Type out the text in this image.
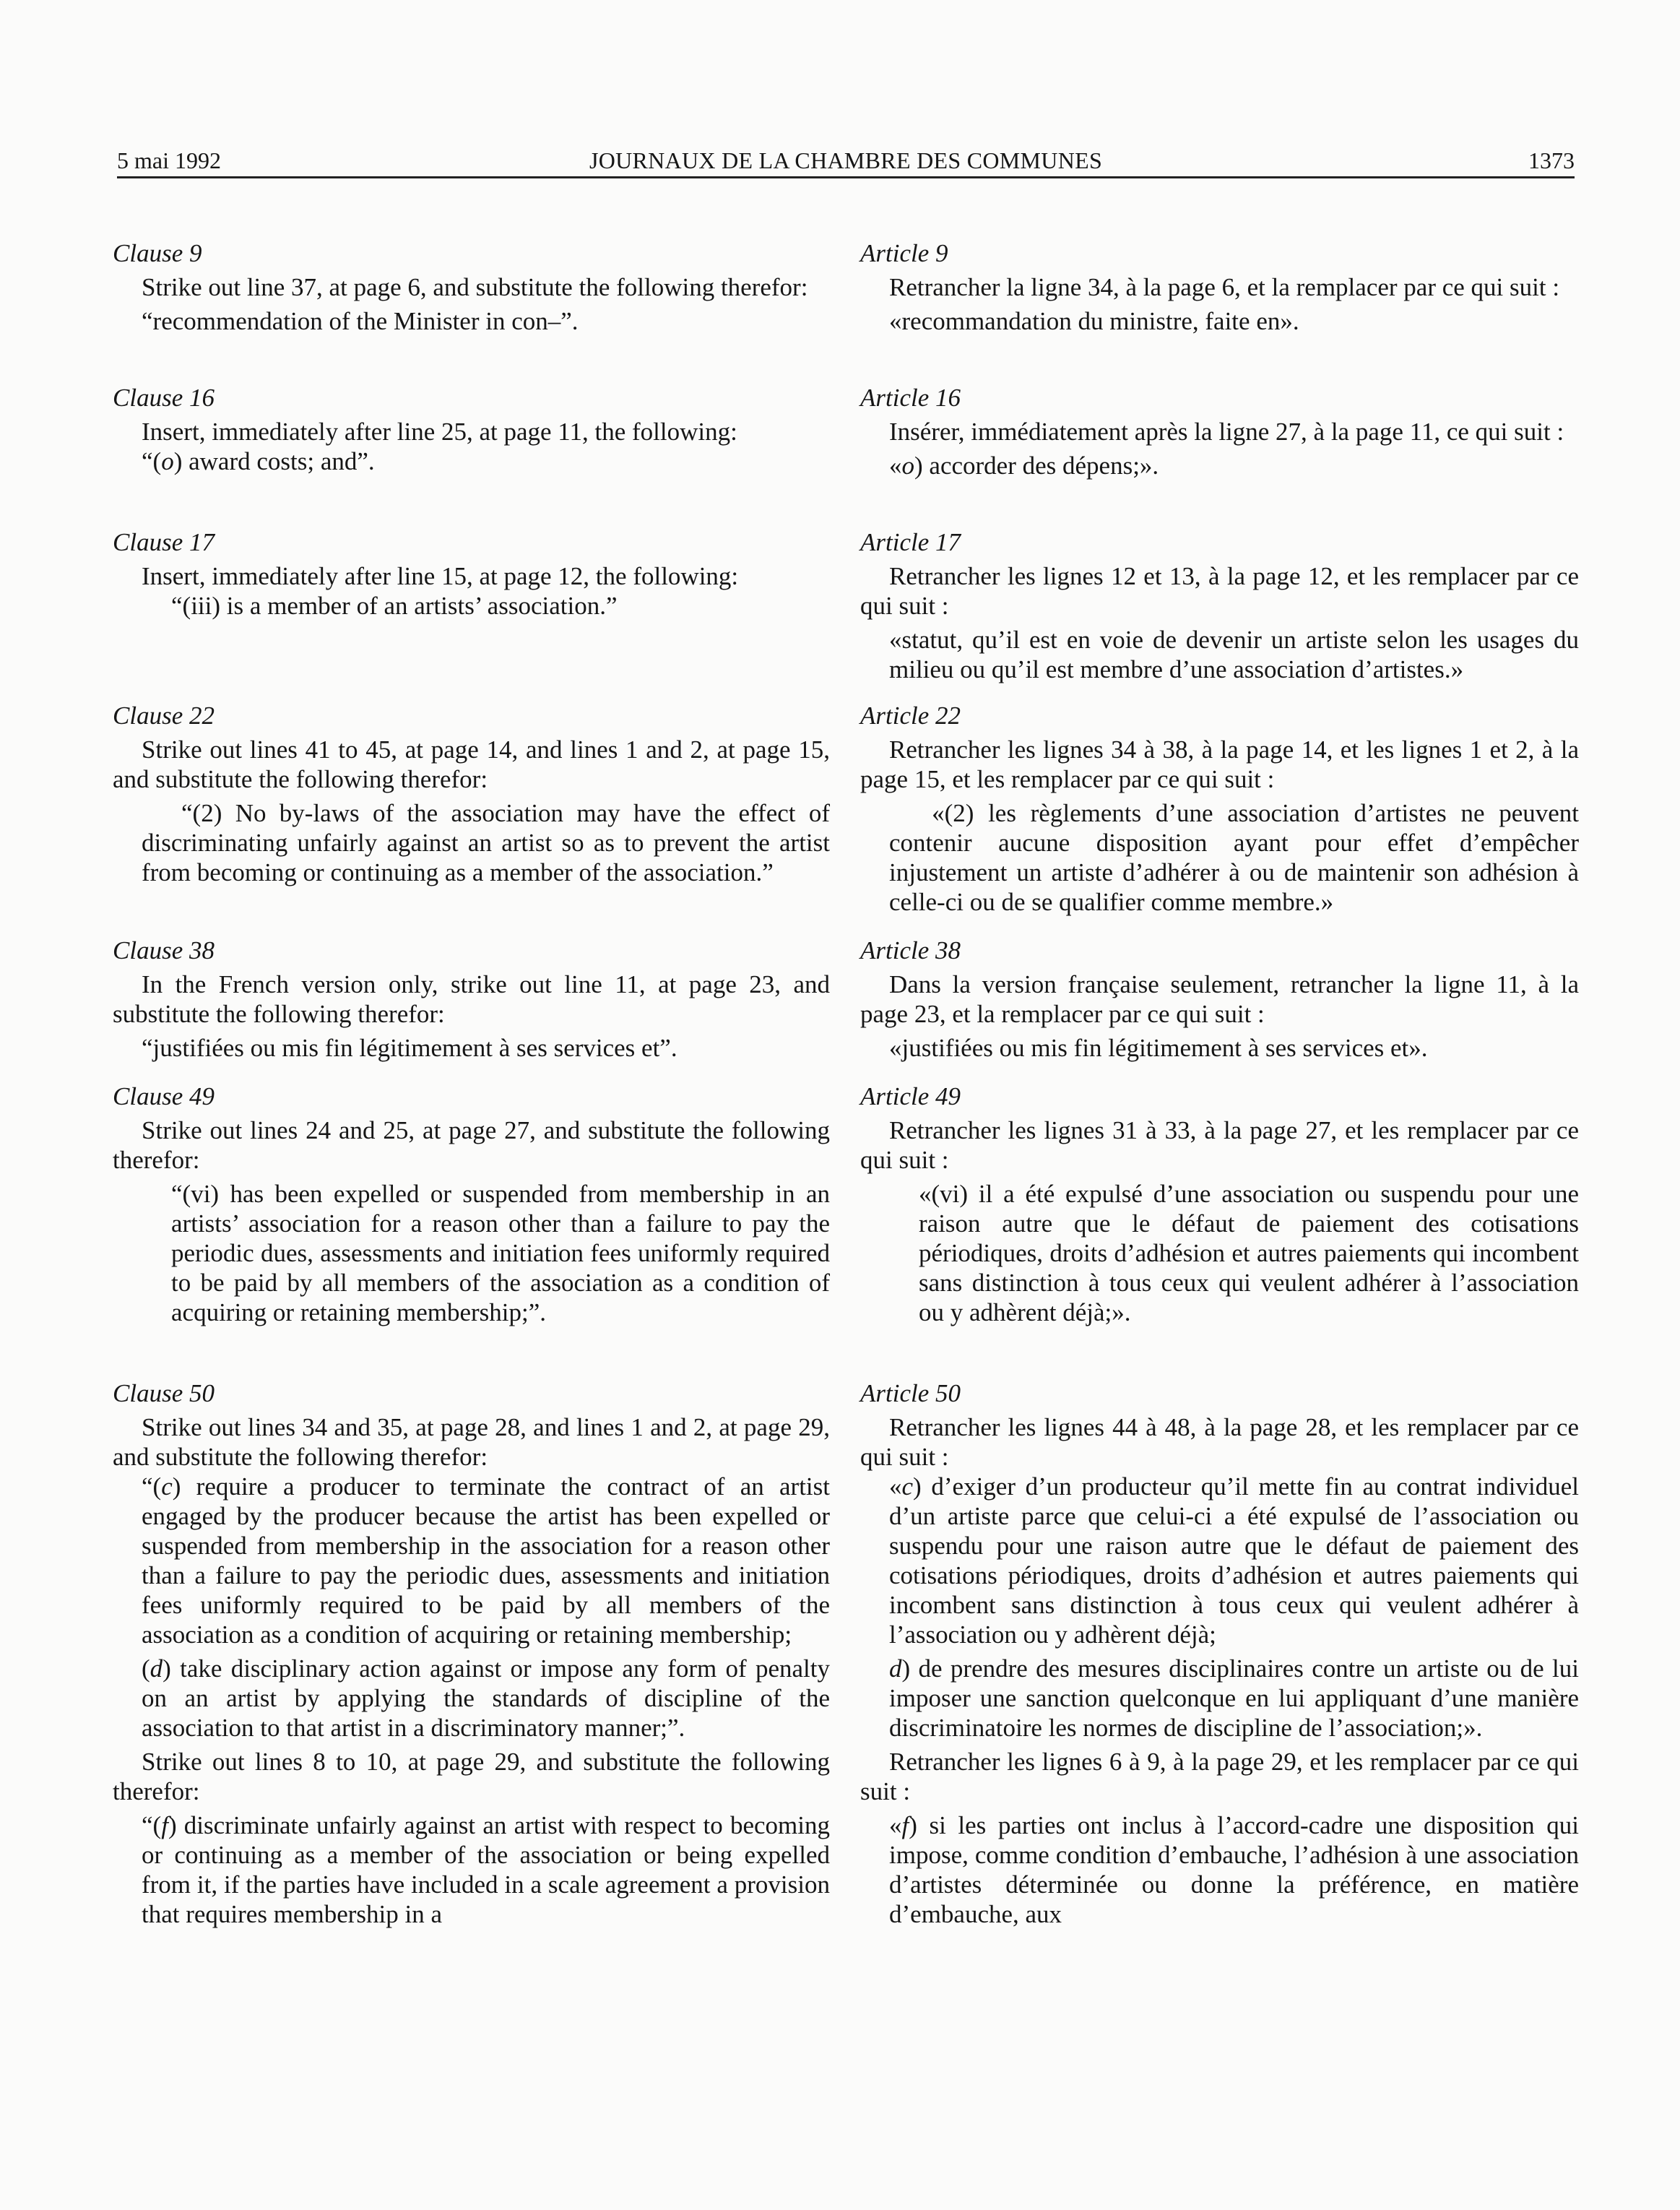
5 mai 1992	JOURNAUX DE LA CHAMBRE DES COMMUNES	1373
Clause 9

Strike out line 37, at page 6, and substitute the following therefor:

“recommendation of the Minister in con–”.

Clause 16

Insert, immediately after line 25, at page 11, the following:

“(o) award costs; and”.

Clause 17

Insert, immediately after line 15, at page 12, the following:

“(iii) is a member of an artists’ association.”

Clause 22

Strike out lines 41 to 45, at page 14, and lines 1 and 2, at page 15, and substitute the following therefor:

“(2) No by-laws of the association may have the effect of discriminating unfairly against an artist so as to prevent the artist from becoming or continuing as a member of the association.”

Clause 38

In the French version only, strike out line 11, at page 23, and substitute the following therefor:

“justifiées ou mis fin légitimement à ses services et”.

Clause 49

Strike out lines 24 and 25, at page 27, and substitute the following therefor:

“(vi) has been expelled or suspended from membership in an artists’ association for a reason other than a failure to pay the periodic dues, assessments and initiation fees uniformly required to be paid by all members of the association as a condition of acquiring or retaining membership;”.

Clause 50

Strike out lines 34 and 35, at page 28, and lines 1 and 2, at page 29, and substitute the following therefor:

“(c) require a producer to terminate the contract of an artist engaged by the producer because the artist has been expelled or suspended from membership in the association for a reason other than a failure to pay the periodic dues, assessments and initiation fees uniformly required to be paid by all members of the association as a condition of acquiring or retaining membership;

(d) take disciplinary action against or impose any form of penalty on an artist by applying the standards of discipline of the association to that artist in a discriminatory manner;”.

Strike out lines 8 to 10, at page 29, and substitute the following therefor:

“(f) discriminate unfairly against an artist with respect to becoming or continuing as a member of the association or being expelled from it, if the parties have included in a scale agreement a provision that requires membership in a

Article 9

Retrancher la ligne 34, à la page 6, et la remplacer par ce qui suit :

«recommandation du ministre, faite en».

Article 16

Insérer, immédiatement après la ligne 27, à la page 11, ce qui suit :

«o) accorder des dépens;».

Article 17

Retrancher les lignes 12 et 13, à la page 12, et les remplacer par ce qui suit :

«statut, qu’il est en voie de devenir un artiste selon les usages du milieu ou qu’il est membre d’une association d’artistes.»

Article 22

Retrancher les lignes 34 à 38, à la page 14, et les lignes 1 et 2, à la page 15, et les remplacer par ce qui suit :

«(2) les règlements d’une association d’artistes ne peuvent contenir aucune disposition ayant pour effet d’empêcher injustement un artiste d’adhérer à ou de maintenir son adhésion à celle-ci ou de se qualifier comme membre.»

Article 38

Dans la version française seulement, retrancher la ligne 11, à la page 23, et la remplacer par ce qui suit :

«justifiées ou mis fin légitimement à ses services et».

Article 49

Retrancher les lignes 31 à 33, à la page 27, et les remplacer par ce qui suit :

«(vi) il a été expulsé d’une association ou suspendu pour une raison autre que le défaut de paiement des cotisations périodiques, droits d’adhésion et autres paiements qui incombent sans distinction à tous ceux qui veulent adhérer à l’association ou y adhèrent déjà;».

Article 50

Retrancher les lignes 44 à 48, à la page 28, et les remplacer par ce qui suit :

«c) d’exiger d’un producteur qu’il mette fin au contrat individuel d’un artiste parce que celui-ci a été expulsé de l’association ou suspendu pour une raison autre que le défaut de paiement des cotisations périodiques, droits d’adhésion et autres paiements qui incombent sans distinction à tous ceux qui veulent adhérer à l’association ou y adhèrent déjà;

d) de prendre des mesures disciplinaires contre un artiste ou de lui imposer une sanction quelconque en lui appliquant d’une manière discriminatoire les normes de discipline de l’association;».

Retrancher les lignes 6 à 9, à la page 29, et les remplacer par ce qui suit :

«f) si les parties ont inclus à l’accord-cadre une disposition qui impose, comme condition d’embauche, l’adhésion à une association d’artistes déterminée ou donne la préférence, en matière d’embauche, aux
